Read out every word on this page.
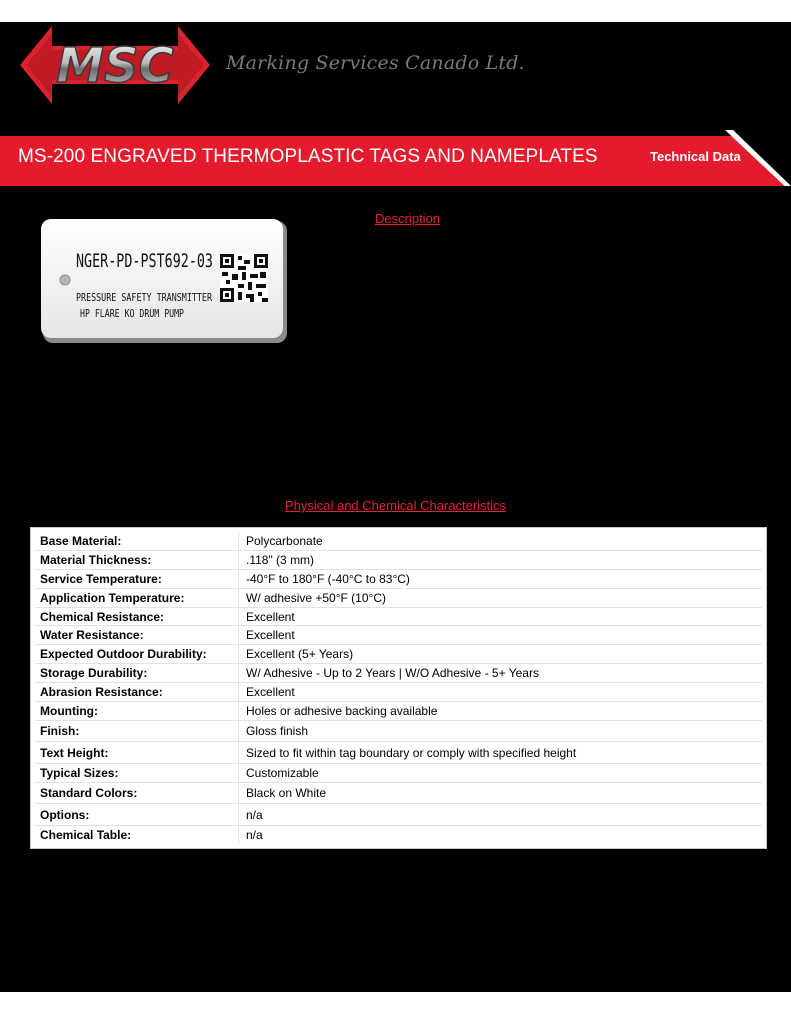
MSC	Marking Services Canado Ltd.
MS-200 ENGRAVED THERMOPLASTIC TAGS AND NAMEPLATES	Technical Data
NGER-PD-PST692-03
PRESSURE SAFETY TRANSMITTER
HP FLARE KO DRUM PUMP
Description
Physical and Chemical Characteristics
Base Material:	Polycarbonate
Material Thickness:	.118" (3 mm)
Service Temperature:	-40°F to 180°F (-40°C to 83°C)
Application Temperature:	W/ adhesive +50°F (10°C)
Chemical Resistance:	Excellent
Water Resistance:	Excellent
Expected Outdoor Durability:	Excellent (5+ Years)
Storage Durability:	W/ Adhesive - Up to 2 Years | W/O Adhesive - 5+ Years
Abrasion Resistance:	Excellent
Mounting:	Holes or adhesive backing available
Finish:	Gloss finish
Text Height:	Sized to fit within tag boundary or comply with specified height
Typical Sizes:	Customizable
Standard Colors:	Black on White
Options:	n/a
Chemical Table:	n/a
